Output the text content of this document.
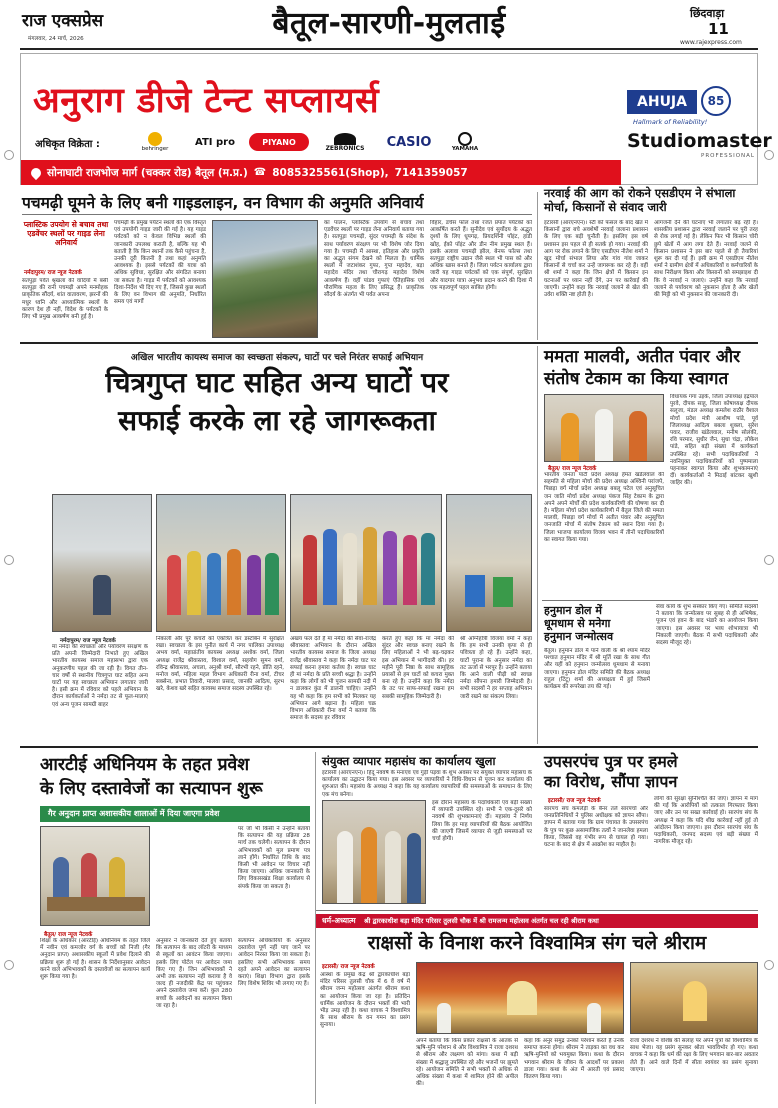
राज एक्सप्रेस
मंगलवार, 24 मार्च, 2026	बैतूल-सारणी-मुलताई	छिंदवाड़ा
11
www.rajexpress.com
अनुराग डीजे टेन्ट सप्लायर्स
अधिकृत विक्रेता :	behringer
ATI pro	PIYANO
ZEBRONICS	CASIO	YAMAHA
AHUJA	85
Hallmark of Reliability!
Studiomaster
PROFESSIONAL
सोनाघाटी राजभोज मार्ग (चक्कर रोड) बैतूल (म.प्र.) ☎ 8085325561(Shop), 7141359057
पचमढ़ी घूमने के लिए बनी गाइडलाइन, वन विभाग की अनुमति अनिवार्य
प्लास्टिक उपयोग से बचाव तथा एडवेंचर स्थलों पर गाइड लेना अनिवार्य
नर्मदापुरम/ राज न्यूज नेटवर्क
सतपुड़ा पर्वत श्रृंखला की वादियों में बसी सतपुड़ा की रानी पचमढ़ी अपने मनमोहक प्राकृतिक सौंदर्य, शांत वातावरण, झरनों की मधुर ध्वनि और आध्यात्मिक स्थलों के कारण देश ही नहीं, विदेश के पर्यटकों के लिए भी प्रमुख आकर्षण बनी हुई है।
पचमढ़ी के प्रमुख पर्यटन स्थलों की एक विस्तृत एवं उपयोगी गाइड जारी की गई है। यह गाइड पर्यटकों को न केवल विभिन्न स्थलों की जानकारी उपलब्ध कराती है, बल्कि यह भी बताती है कि किन स्थानों तक कैसे पहुंचना है, उनकी दूरी कितनी है तथा कहां अनुमति आवश्यक है। इससे पर्यटकों की यात्रा को अधिक सुविधा, सुरक्षित और संगठित बनाया जा सकता है। गाइड में पर्यटकों को आवश्यक दिशा-निर्देश भी दिए गए हैं, जिससे कुछ स्थलों के लिए वन विभाग की अनुमति, निर्धारित समय एवं मार्गों
का पालन, प्लास्टिक उपयोग से बचाव तथा एडवेंचर स्थलों पर गाइड लेना अनिवार्य बताया गया है। सतपुड़ा पचमढ़ी, सुंदर पचमढ़ी के संदेश के साथ पर्यावरण संरक्षण पर भी विशेष जोर दिया गया है। पचमढ़ी में आस्था, इतिहास और प्रकृति का अद्भुत संगम देखने को मिलता है। धार्मिक स्थलों में जटाशंकर गुफा, गुप्त महादेव, बड़ा महादेव मंदिर तथा चौरागढ़ महादेव विशेष आकर्षण हैं। वहीं पांडव गुफाएं ऐतिहासिक एवं पौराणिक महत्व के लिए प्रसिद्ध हैं। प्राकृतिक सौंदर्य के अंतर्गत भी पर्वत अपना
विहार, डचेस फॉल तथा रजत प्रपात पर्यटकों को आकर्षित करते हैं। सुनीदेव एवं सुर्योदय के अद्भुत दृश्यों के लिए धूपगढ़, प्रियदर्शिनी पॉइंट, हांडी खोह, ईको पॉइंट और डीन नीम प्रमुख स्थल हैं। इसके अलावा पचमढ़ी झील, बेनफ फॉल्स तथा सतपुड़ा राष्ट्रीय उद्यान जैसे स्थल भी पास को और अधिक खास बनाते हैं। जिला पर्यटन कार्यालय द्वारा जारी यह गाइड पर्यटकों को एक संपूर्ण, सुरक्षित और यादगार यात्रा अनुभव प्रदान करने की दिशा में एक महत्वपूर्ण पहल साबित होगी।
नरवाई की आग को रोकने एसडीएम ने संभाला मोर्चा, किसानों से संवाद जारी
इटारसी (आरएनएन)। स्टी को फसल के बाद खेत में किसानों द्वारा बचे अवशेषों नरवाई जलाना प्रशासन के लिए एक बड़ी चुनौती है। इसलिए इस वर्ष प्रशासन इस पहल से ही सतर्क हो गया। नरवाई की आग पर रोक लगाने के लिए एसडीएम नीतेश शर्मा ने खुद मोर्चा संभाल लिया और गांव गांव जाकर किसानों से चर्चा कर उन्हें जागरूक कर रहे हैं। वहीं श्री शर्मा ने कहा कि जिन क्षेत्रों में किसान इन घटनाओं पर ध्यान नहीं देंगे, उन पर कार्रवाई की जाएगी। उन्होंने कहा कि नरवाई जलाने से खेत की उर्वरा शक्ति नष्ट होती है।
आगजनी देने की घटनाएं भी लगातार बढ़ रही हैं। शासकीय प्रशासन द्वारा नरवाई जलाने पर पूरी तरह से रोक लगाई गई है। लेकिन फिर भी किसान चोरी छुपे खेतों में आग लगा देते हैं। नरवाई जलने से किसान प्रशासन ने इस बार पहले से ही तैयारियां शुरू कर दी गई हैं। इसी क्रम में एसडीएम नीतेश शर्मा ने ग्रामीण क्षेत्रों में अधिकारियों व कर्मचारियों के साथ निरीक्षण किया और किसानों को समझाइश दी कि वे नरवाई न जलाएं। उन्होंने कहा कि नरवाई जलाने से पर्यावरण को नुकसान होता है और खेतों की मिट्टी को भी नुकसान की जानकारी दी।
अखिल भारतीय कायस्थ समाज का स्वच्छता संकल्प, घाटों पर चले निरंतर सफाई अभियान
चित्रगुप्त घाट सहित अन्य घाटों पर
सफाई करके ला रहे जागरूकता
नर्मदापुरम/ राज न्यूज नेटवर्क
मां नर्मदा की स्वच्छता और पर्यावरण संरक्षण के प्रति अपनी जिम्मेदारी निभाते हुए अखिल भारतीय कायस्थ समाज महासभा द्वारा एक अनुकरणीय पहल की जा रही है। विगत तीन-चार वर्षों से स्थानीय चित्रगुप्त घाट सहित अन्य घाटों पर यह स्वच्छता अभियान लगातार जारी है। इसी क्रम में रविवार को पहले अभियान के दौरान कार्यकर्ताओं ने नर्मदा तट से फूल-मालाएं एवं अन्य पूजन सामग्री बाहर
निकाली और पूरे कचरों को एकत्रित कर डस्टबिन में सुरक्षित रखा। स्वच्छता के इस पुनीत कार्य में नगर पालिका उपाध्यक्ष अभय वर्मा, महाप्रांतीय कायस्थ अध्यक्ष अशोक वर्मा, जिला अध्यक्ष राजेंद्र श्रीवास्तव, विशाल वर्मा, सहयोग सुमन वर्मा, रविन्द्र श्रीवास्तव, अचला, अनुश्री वर्मा, सौरभी रहने, प्रीति रहने, मनोज वर्मा, महिला महल विभाग अधिकारी रीना वर्मा, टीचर सक्सेना, प्रभात तिवारी, मालवा प्रसाद, जानकी आदित्य, सुरभ खरे, केशव खरे सहित कायस्थ समाज सदस्य उपस्थित रहे।
अखय फल देते हैं मां नर्मदा की सेवा-राजेंद्र श्रीवास्तवः अभियान के दौरान अखिल भारतीय कायस्थ समाज के जिला अध्यक्ष राजेंद्र श्रीवास्तव ने कहा कि नर्मदा घाट पर सफाई करना हमारा कर्तव्य है। स्वच्छ घाट ही मां नर्मदा के प्रति सच्ची श्रद्धा है। उन्होंने कहा कि लोगों को भी पूजन सामग्री नदी में न डालकर कुंड में डालनी चाहिए। उन्होंने यह भी कहा कि हम सभी को मिलकर यह अभियान आगे बढ़ाना है। महिला चक्र विभाग अधिकारी रीना वर्मा ने बताया कि समाज के सदस्य हर रविवार
करते हुए कहा कि मां नर्मदा की सुंदर और स्वच्छ बनाए रखने के लिए महिलाओं ने भी बढ़-चढ़कर इस अभियान में भागीदारी की। हर महीने पूरी निष्ठा के साथ सामूहिक प्रयासों से हम घाटों को कचरा मुक्त बना रहे हैं। उन्होंने कहा कि नर्मदा के तट पर साफ-सफाई रखना हम सबकी सामूहिक जिम्मेदारी है।
श्री अग्निहोत्री विजया वर्मा ने कहा कि हम सभी उनकी कृपा से ही पवित्रता हो रहे हैं। उन्होंने कहा, घाटों पुराना के अनुसार नर्मदा का तट ऊर्जा से भरपूर है। उन्होंने बताया कि आने वाली पीढ़ी को स्वच्छ नर्मदा सौंपना हमारी जिम्मेदारी है। सभी सदस्यों ने हर सप्ताह अभियान जारी रखने का संकल्प लिया।
ममता मालवी, अतीत पंवार और
संतोष टेकाम का किया स्वागत
बैतूल/ राज न्यूज नेटवर्क
भारतीय जनता पार्टी प्रदेश अध्यक्ष हेमंत खंडेलवाल की सहमति से महिला मोर्चा की प्रदेश अध्यक्ष अश्विनी परांजपे, पिछड़ा वर्ग मोर्चा प्रदेश अध्यक्ष बबलू पटेल एवं अनुसूचित जन जाति मोर्चा प्रदेश अध्यक्ष पंकज सिंह टेकाम के द्वारा अपने अपने मोर्चों की प्रदेश कार्यकारिणी की घोषणा कर दी है। महिला मोर्चा प्रदेश कार्यकारिणी में बैतूल जिले की ममता मालवी, पिछड़ा वर्ग मोर्चा में अतीत पंवार और अनुसूचित जनजाति मोर्चा में संतोष टेकाम को स्थान दिया गया है। जिला भाजपा कार्यालय विजय भवन में तीनों पदाधिकारियों का स्वागत किया गया।
विधायक गंगा उइके, जिला उपाध्यक्ष इंद्रपाल पुरवे, दीपक साहू, जिला कोषाध्यक्ष दीपक सलूजा, मंडल अध्यक्ष कमलेश राठौर वैशाल मोर्चा प्रदेश मंत्री आशीष पांडे, पूर्व जिलाध्यक्ष आदित्य बबला शुक्ला, सुरेश पवार, राजीव खंडेलवाल, मनीष सोलंकी, रवि परमार, सुधीर जैन, सुधा चंद्रा, लोकेश पांडे, सहित बड़ी संख्या में कार्यकर्ता उपस्थित रहे। सभी पदाधिकारियों ने नवनियुक्त पदाधिकारियों को पुष्पमाला पहनाकर स्वागत किया और शुभकामनाएं दीं। कार्यकर्ताओं ने मिठाई बांटकर खुशी जाहिर की।
हनुमान डोल में
धूमधाम से मनेगा
हनुमान जन्मोत्सव
बैतूल। हनुमान डोल में पाने वाली के श्री श्याम मंदिर पश्चात हनुमान मंदिर में श्री मूर्ति रखा के साथ गीत और यहीं को हनुमान जन्मोत्सव धूमधाम से मनाया जाएगा। हनुमान डोल मंदिर समिति की बैठक अध्यक्ष राहुल (टिंटू) शर्मा की अध्यक्षता में हुई जिसमें कार्यक्रम की रूपरेखा तय की गई।
सेवा कार्य के शुभ संस्कार किए गए। समिति सदस्यों ने बताया कि जन्मोत्सव पर सुबह से ही अभिषेक, पूजन एवं हवन के बाद भंडारे का आयोजन किया जाएगा। इस अवसर पर भव्य शोभायात्रा भी निकाली जाएगी। बैठक में सभी पदाधिकारी और सदस्य मौजूद रहे।
उपसरपंच पुत्र पर हमले
का विरोध, सौंपा ज्ञापन
इटारसी/ राज न्यूज नेटवर्क
सारपंच संघ कमलेड़ी के बैनर तले सारपंचों और जनप्रतिनिधियों ने पुलिस अधीक्षक को ज्ञापन सौंपा। ज्ञापन में बताया गया कि ग्राम पंचायत के उपसरपंच के पुत्र पर कुछ असामाजिक तत्वों ने जानलेवा हमला किया, जिससे वह गंभीर रूप से घायल हो गया। घटना के बाद से क्षेत्र में आक्रोश का माहौल है।
लोगों की सुरक्षा सुनिश्चित की जाए। ज्ञापन में मांग की गई कि आरोपियों को तत्काल गिरफ्तार किया जाए और उन पर सख्त कार्रवाई हो। सारपंच संघ के अध्यक्ष ने कहा कि यदि शीघ्र कार्रवाई नहीं हुई तो आंदोलन किया जाएगा। इस दौरान सारपंच संघ के पदाधिकारी, जनपद सदस्य एवं बड़ी संख्या में नागरिक मौजूद रहे।
आरटीई अधिनियम के तहत प्रवेश
के लिए दस्तावेजों का सत्यापन शुरू
गैर अनुदान प्राप्त अशासकीय शालाओं में दिया जाएगा प्रवेश
बैतूल/ राज न्यूज नेटवर्क
शिक्षा के अधिकार (आरटीई) अधिनियम के तहत जिले में नवीन एवं कमजोर वर्ग के बच्चों को निजी (गैर अनुदान प्राप्त) अशासकीय स्कूलों में प्रवेश दिलाने की प्रक्रिया शुरू हो गई है। शासन के निर्देशानुसार आवेदन करने वाले अभिभावकों के दस्तावेजों का सत्यापन कार्य शुरू किया गया है।
अनुसार ने जानकारी देते हुए बताया कि सत्यापन के बाद लॉटरी के माध्यम से स्कूलों का आवंटन किया जाएगा। इसके लिए पोर्टल पर आवेदन जमा किए गए हैं। जिन अभिभावकों ने अभी तक सत्यापन नहीं कराया है वे जल्द ही नजदीकी केंद्र पर पहुंचकर अपने दस्तावेज जमा करें। कुल 280 बच्चों के आवेदनों का सत्यापन किया जा रहा है।
पर जो भी किसी ने उन्होंने बताया कि सत्यापन की यह प्रक्रिया 28 मार्च तक चलेगी। सत्यापन के दौरान अभिभावकों को मूल प्रमाण पत्र लाने होंगे। निर्धारित तिथि के बाद किसी भी आवेदन पर विचार नहीं किया जाएगा। अधिक जानकारी के लिए विकासखंड शिक्षा कार्यालय से संपर्क किया जा सकता है।
सत्यापन अधिकारियों के अनुसार दस्तावेज पूर्ण नहीं पाए जाने पर आवेदन निरस्त किया जा सकता है। इसलिए सभी अभिभावक समय रहते अपने आवेदन का सत्यापन कराएं। शिक्षा विभाग द्वारा इसके लिए विशेष शिविर भी लगाए गए हैं।
संयुक्त व्यापार महासंघ का कार्यालय खुला
इटारसी (आरएनएन)। हिंदू नववर्ष के मनाएवं एवं गुड़ी पड़वा के शुभ अवसर पर संयुक्त व्यापार महासंघ के कार्यालय का उद्घाटन किया गया। इस अवसर पर व्यापारियों ने विधि-विधान से पूजन कर कार्यालय की शुरुआत की। महासंघ के अध्यक्ष ने कहा कि यह कार्यालय व्यापारियों की समस्याओं के समाधान के लिए एक मंच बनेगा।
इस दौरान महासंघ के पदाधिकारी एवं बड़ी संख्या में व्यापारी उपस्थित रहे। सभी ने एक-दूसरे को नववर्ष की शुभकामनाएं दीं। महासंघ ने निर्णय लिया कि हर माह व्यापारियों की बैठक आयोजित की जाएगी जिसमें व्यापार से जुड़ी समस्याओं पर चर्चा होगी।
धर्म-अध्यात्म श्री द्वारकाधीश बड़ा मंदिर परिसर तुलसी चौक में श्री रामजन्म महोत्सव अंतर्गत चल रही श्रीराम कथा
राक्षसों के विनाश करने विश्वामित्र संग चले श्रीराम
इटारसी/ राज न्यूज नेटवर्क
आस्था के प्रमुख केंद्र श्री द्वारकाधीश बड़ा मंदिर परिसर तुलसी चौक में 6 वें वर्ष में श्रीराम जन्म महोत्सव अंतर्गत श्रीराम कथा का आयोजन किया जा रहा है। प्रतिदिन धार्मिक आयोजन के दौरान भक्तों की भारी भीड़ उमड़ रही है। कथा वाचक ने विश्वामित्र के साथ श्रीराम के वन गमन का प्रसंग सुनाया।
अपने बताया कि किस प्रकार राक्षसों के आतंक से ऋषि-मुनि परेशान थे और विश्वामित्र ने राजा दशरथ से श्रीराम और लक्ष्मण को मांगा। कथा में बड़ी संख्या में श्रद्धालु उपस्थित रहे और भजनों पर झूमते रहे। आयोजन समिति ने सभी भक्तों से अधिक से अधिक संख्या में कथा में शामिल होने की अपील की।
कहा कि अनुर समुद्र उनको परेशान करते हैं उनके समाप्त करना होगा। श्रीराम ने ताड़का का वध कर ऋषि-मुनियों को भयमुक्त किया। कथा के दौरान भगवान श्रीराम के जीवन के आदर्शों पर प्रकाश डाला गया। कथा के अंत में आरती एवं प्रसाद वितरण किया गया।
राजा दशरथ ने वशिष्ठ की सलाह पर अपने पुत्रों को विश्वामित्र के साथ भेजा। यह प्रसंग सुनकर श्रोता भावविभोर हो गए। कथा वाचक ने कहा कि धर्म की रक्षा के लिए भगवान बार-बार अवतार लेते हैं। आने वाले दिनों में सीता स्वयंवर का प्रसंग सुनाया जाएगा।
